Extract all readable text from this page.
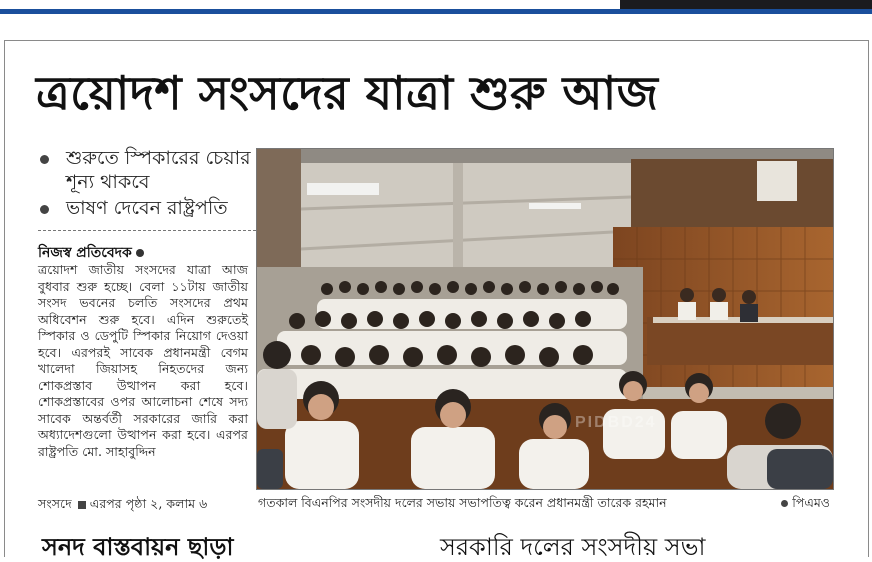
ত্রয়োদশ সংসদের যাত্রা শুরু আজ
শুরুতে স্পিকারের চেয়ার শূন্য থাকবে
ভাষণ দেবেন রাষ্ট্রপতি
নিজস্ব প্রতিবেদক

ত্রয়োদশ জাতীয় সংসদের যাত্রা আজ বুধবার শুরু হচ্ছে। বেলা ১১টায় জাতীয় সংসদ ভবনের চলতি সংসদের প্রথম অধিবেশন শুরু হবে। এদিন শুরুতেই স্পিকার ও ডেপুটি স্পিকার নিয়োগ দেওয়া হবে। এরপরই সাবেক প্রধানমন্ত্রী বেগম খালেদা জিয়াসহ নিহতদের জন্য শোকপ্রস্তাব উত্থাপন করা হবে। শোকপ্রস্তাবের ওপর আলোচনা শেষে সদ্য সাবেক অন্তর্বর্তী সরকারের জারি করা অধ্যাদেশগুলো উত্থাপন করা হবে। এরপর রাষ্ট্রপতি মো. সাহাবুদ্দিন

সংসদে এরপর পৃষ্ঠা ২, কলাম ৬
PIDBD24
গতকাল বিএনপির সংসদীয় দলের সভায় সভাপতিত্ব করেন প্রধানমন্ত্রী তারেক রহমান	পিএমও
সনদ বাস্তবায়ন ছাড়া	সরকারি দলের সংসদীয় সভা
